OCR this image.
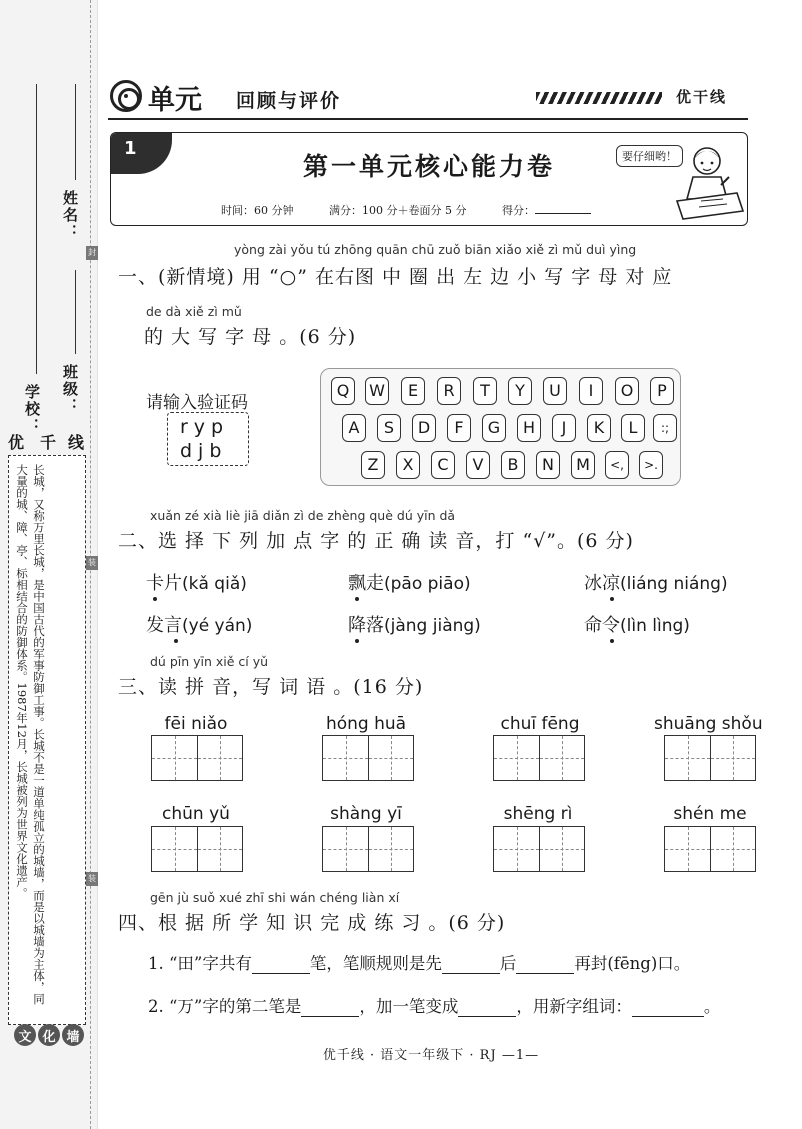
姓名：
学校： 班级：
封
装
装
优 千 线
长城，又称万里长城，是中国古代的军事防御工事。长城不是一道单纯孤立的城墙，而是以城墙为主体，同大量的城、障、亭、标相结合的防御体系。1987年12月，长城被列为世界文化遗产。
文 化 墙
单元 回顾与评价	优干线
1
第一单元核心能力卷
时间：60 分钟	满分：100 分＋卷面分 5 分	得分：
要仔细哟！
yòng zài yǒu tú zhōng quān chū zuǒ biān xiǎo xiě zì mǔ duì yìng
一、(新情境) 用 “○” 在右图 中 圈 出 左 边 小 写 字 母 对 应
de dà xiě zì mǔ
的 大 写 字 母 。(6 分)
请输入验证码
ryp
djb
Q	W	E	R	T	Y	U	I	O	P
A	S	D	F	G	H	J	K	L	:;
Z	X	C	V	B	N	M	<,	>.
xuǎn zé xià liè jiā diǎn zì de zhèng què dú yīn dǎ
二、选 择 下 列 加 点 字 的 正 确 读 音，打 “√”。(6 分)
卡片(kǎ qiǎ)	飘走(pāo piāo)	冰凉(liáng niáng)
发言(yé yán)	降落(jàng jiàng)	命令(lìn lìng)
dú pīn yīn xiě cí yǔ
三、读 拼 音，写 词 语 。(16 分)
fēi niǎo	hóng huā	chuī fēng	shuāng shǒu
chūn yǔ	shàng yī	shēng rì	shén me
gēn jù suǒ xué zhī shi wán chéng liàn xí
四、根 据 所 学 知 识 完 成 练 习 。(6 分)
1. “田”字共有	笔，笔顺规则是先	后	再封(fēng)口。
2. “万”字的第二笔是	，加一笔变成	，用新字组词：	。
优千线 · 语文一年级下 · RJ —1—
